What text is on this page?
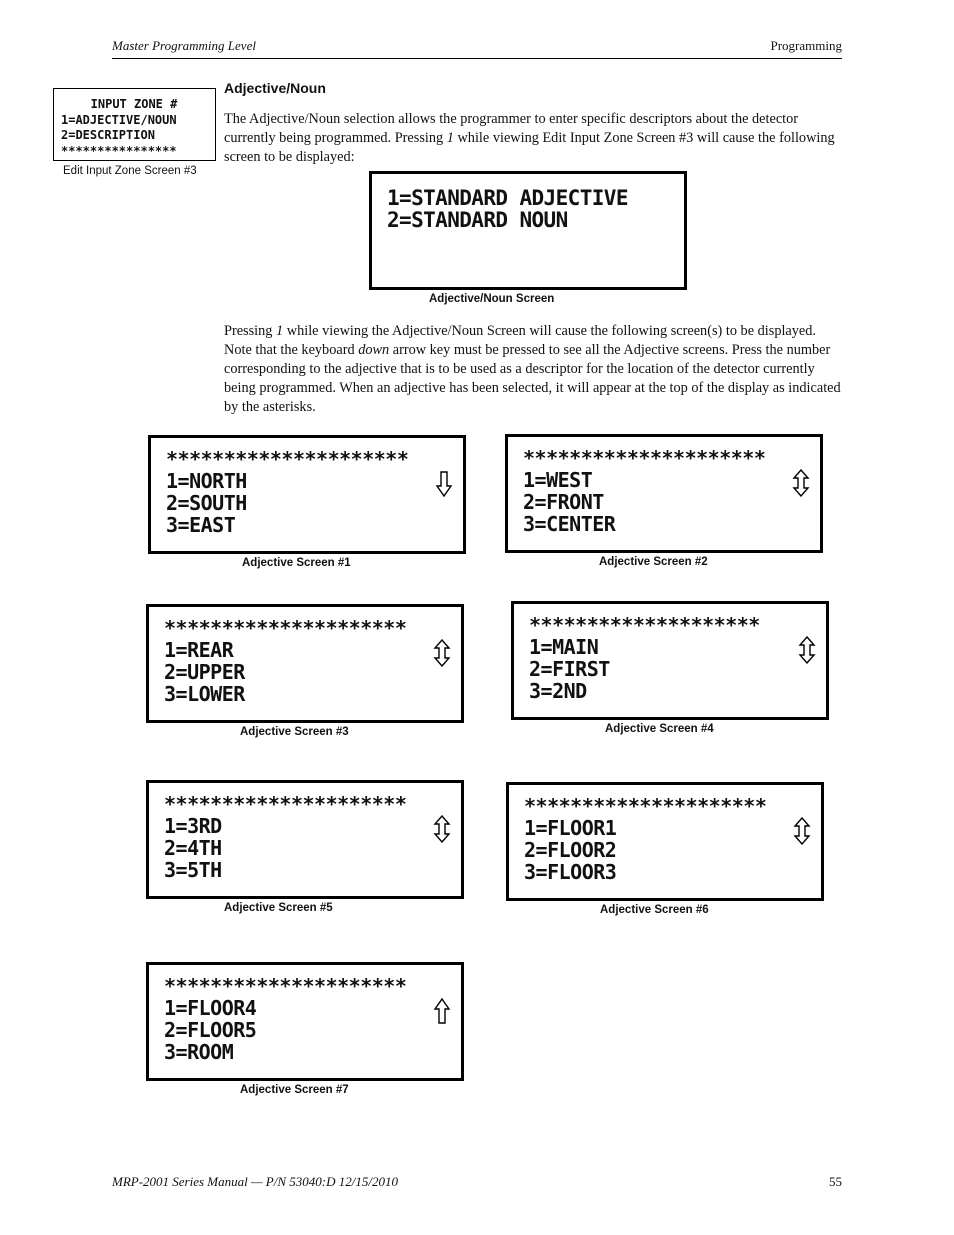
Master Programming Level	Programming
INPUT ZONE #
1=ADJECTIVE/NOUN
2=DESCRIPTION
****************
Edit Input Zone Screen #3
Adjective/Noun

The Adjective/Noun selection allows the programmer to enter specific descriptors about the detector currently being programmed. Pressing 1 while viewing Edit Input Zone Screen #3 will cause the following screen to be displayed:

1=STANDARD ADJECTIVE
2=STANDARD NOUN
Adjective/Noun Screen

Pressing 1 while viewing the Adjective/Noun Screen will cause the following screen(s) to be displayed. Note that the keyboard down arrow key must be pressed to see all the Adjective screens. Press the number corresponding to the adjective that is to be used as a descriptor for the location of the detector currently being programmed. When an adjective has been selected, it will appear at the top of the display as indicated by the asterisks.

*********************
1=NORTH
2=SOUTH
3=EAST
Adjective Screen #1
*********************
1=WEST
2=FRONT
3=CENTER
Adjective Screen #2
*********************
1=REAR
2=UPPER
3=LOWER
Adjective Screen #3
********************
1=MAIN
2=FIRST
3=2ND
Adjective Screen #4
*********************
1=3RD
2=4TH
3=5TH
Adjective Screen #5
*********************
1=FLOOR1
2=FLOOR2
3=FLOOR3
Adjective Screen #6
*********************
1=FLOOR4
2=FLOOR5
3=ROOM
Adjective Screen #7
MRP-2001 Series Manual — P/N 53040:D 12/15/2010	55
